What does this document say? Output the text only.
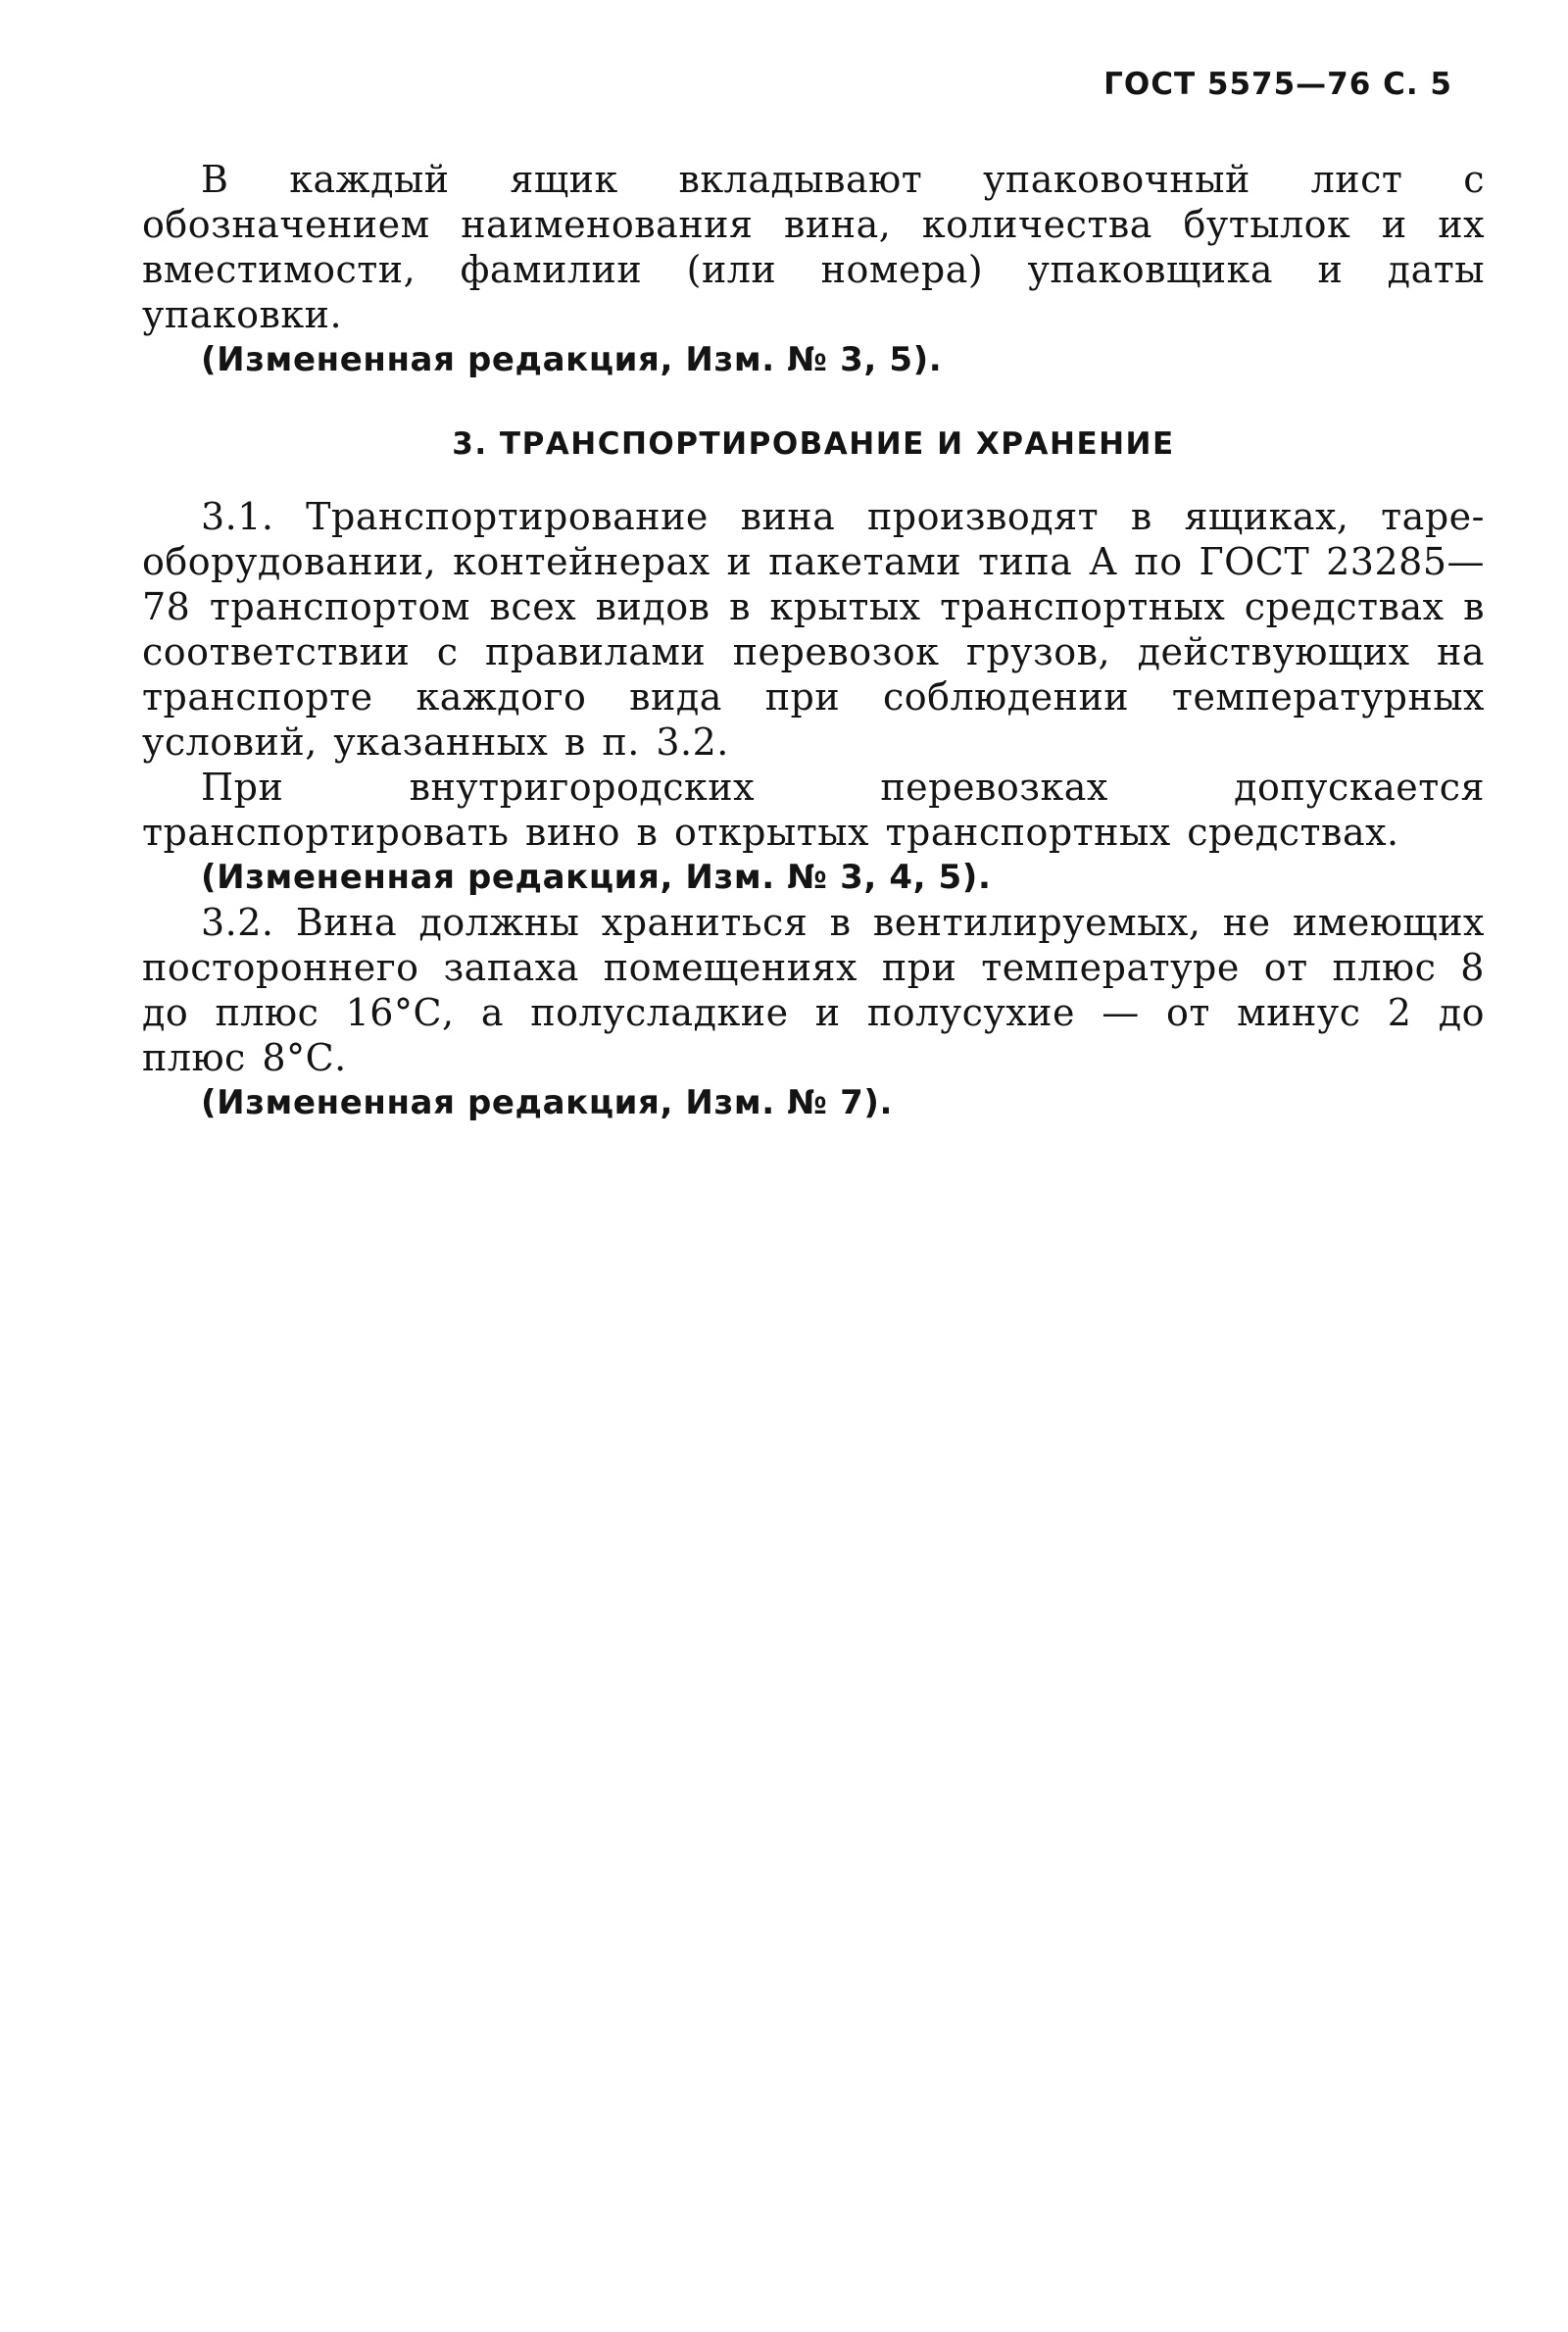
ГОСТ 5575—76 С. 5

В каждый ящик вкладывают упаковочный лист с обозначением наименования вина, количества бутылок и их вместимости, фамилии (или номера) упаковщика и даты упаковки.

(Измененная редакция, Изм. № 3, 5).

3. ТРАНСПОРТИРОВАНИЕ И ХРАНЕНИЕ

3.1. Транспортирование вина производят в ящиках, таре-оборудовании, контейнерах и пакетами типа А по ГОСТ 23285—78 транспортом всех видов в крытых транспортных средствах в соответствии с правилами перевозок грузов, действующих на транспорте каждого вида при соблюдении температурных условий, указанных в п. 3.2.

При внутригородских перевозках допускается транспортировать вино в открытых транспортных средствах.

(Измененная редакция, Изм. № 3, 4, 5).

3.2. Вина должны храниться в вентилируемых, не имеющих постороннего запаха помещениях при температуре от плюс 8 до плюс 16°С, а полусладкие и полусухие — от минус 2 до плюс 8°С.

(Измененная редакция, Изм. № 7).
